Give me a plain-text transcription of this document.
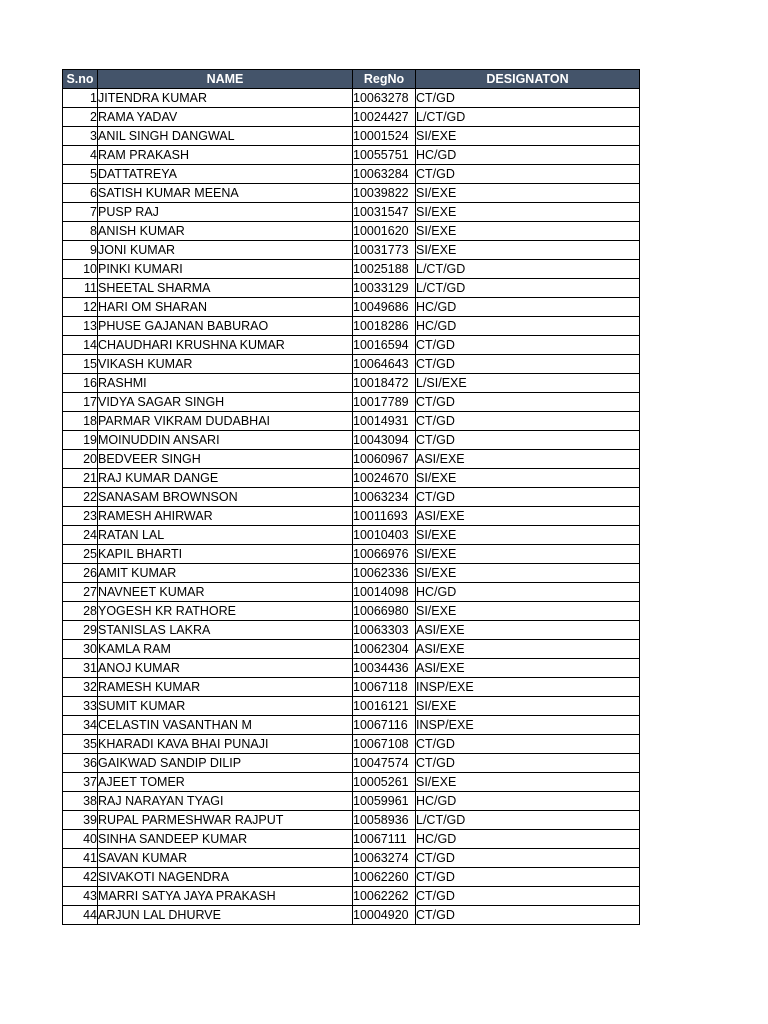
S.no	NAME	RegNo	DESIGNATON
1	JITENDRA KUMAR	10063278	CT/GD
2	RAMA YADAV	10024427	L/CT/GD
3	ANIL SINGH DANGWAL	10001524	SI/EXE
4	RAM PRAKASH	10055751	HC/GD
5	DATTATREYA	10063284	CT/GD
6	SATISH KUMAR MEENA	10039822	SI/EXE
7	PUSP RAJ	10031547	SI/EXE
8	ANISH KUMAR	10001620	SI/EXE
9	JONI KUMAR	10031773	SI/EXE
10	PINKI KUMARI	10025188	L/CT/GD
11	SHEETAL SHARMA	10033129	L/CT/GD
12	HARI OM SHARAN	10049686	HC/GD
13	PHUSE GAJANAN BABURAO	10018286	HC/GD
14	CHAUDHARI KRUSHNA KUMAR	10016594	CT/GD
15	VIKASH KUMAR	10064643	CT/GD
16	RASHMI	10018472	L/SI/EXE
17	VIDYA SAGAR SINGH	10017789	CT/GD
18	PARMAR VIKRAM DUDABHAI	10014931	CT/GD
19	MOINUDDIN ANSARI	10043094	CT/GD
20	BEDVEER SINGH	10060967	ASI/EXE
21	RAJ KUMAR DANGE	10024670	SI/EXE
22	SANASAM BROWNSON	10063234	CT/GD
23	RAMESH AHIRWAR	10011693	ASI/EXE
24	RATAN LAL	10010403	SI/EXE
25	KAPIL BHARTI	10066976	SI/EXE
26	AMIT KUMAR	10062336	SI/EXE
27	NAVNEET KUMAR	10014098	HC/GD
28	YOGESH KR RATHORE	10066980	SI/EXE
29	STANISLAS LAKRA	10063303	ASI/EXE
30	KAMLA RAM	10062304	ASI/EXE
31	ANOJ KUMAR	10034436	ASI/EXE
32	RAMESH KUMAR	10067118	INSP/EXE
33	SUMIT KUMAR	10016121	SI/EXE
34	CELASTIN VASANTHAN M	10067116	INSP/EXE
35	KHARADI KAVA BHAI PUNAJI	10067108	CT/GD
36	GAIKWAD SANDIP DILIP	10047574	CT/GD
37	AJEET TOMER	10005261	SI/EXE
38	RAJ NARAYAN TYAGI	10059961	HC/GD
39	RUPAL PARMESHWAR RAJPUT	10058936	L/CT/GD
40	SINHA SANDEEP KUMAR	10067111	HC/GD
41	SAVAN KUMAR	10063274	CT/GD
42	SIVAKOTI NAGENDRA	10062260	CT/GD
43	MARRI SATYA JAYA PRAKASH	10062262	CT/GD
44	ARJUN LAL DHURVE	10004920	CT/GD
